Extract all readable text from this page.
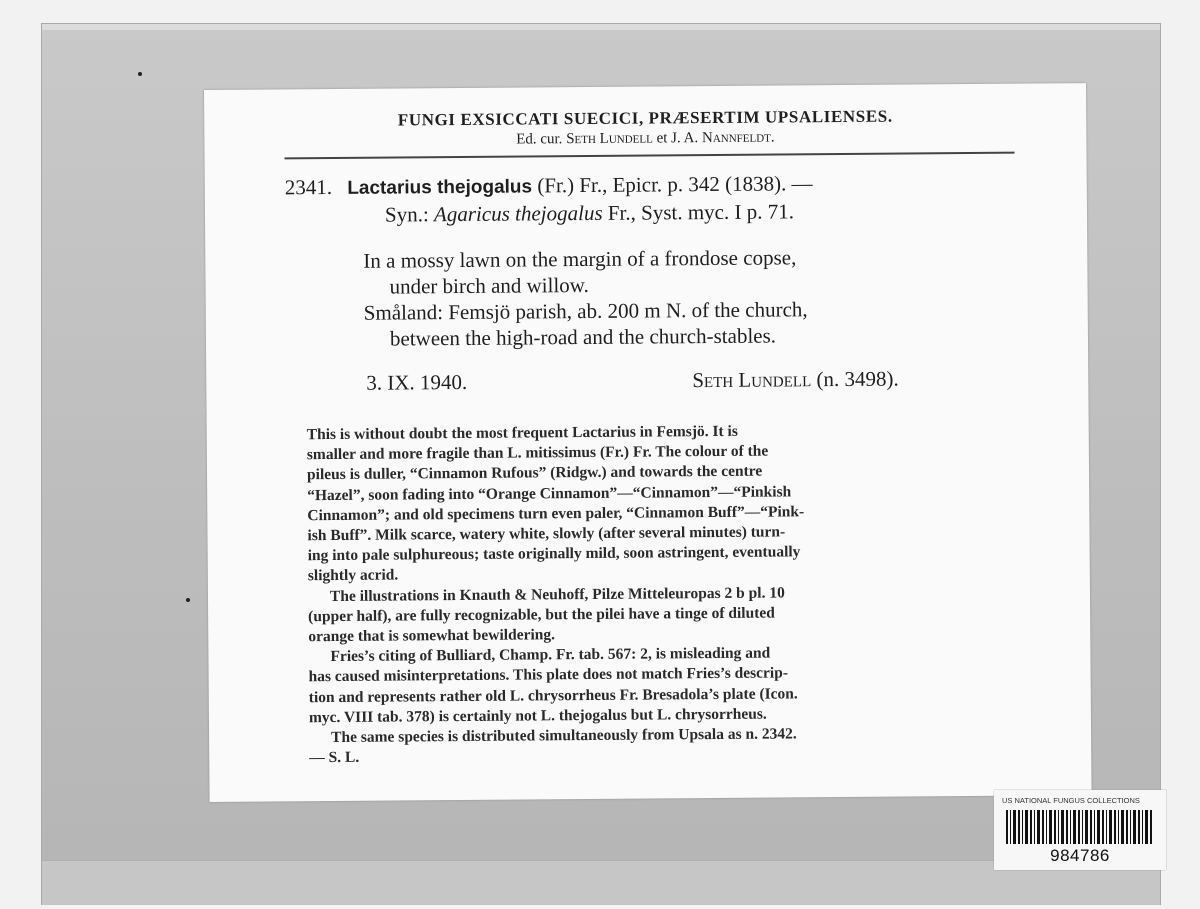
FUNGI EXSICCATI SUECICI, PRÆSERTIM UPSALIENSES.
Ed. cur. Seth Lundell et J. A. Nannfeldt.
2341. Lactarius thejogalus (Fr.) Fr., Epicr. p. 342 (1838). —
Syn.: Agaricus thejogalus Fr., Syst. myc. I p. 71.
In a mossy lawn on the margin of a frondose copse,
under birch and willow.
Småland: Femsjö parish, ab. 200 m N. of the church,
between the high-road and the church-stables.
3. IX. 1940.	Seth Lundell (n. 3498).
This is without doubt the most frequent Lactarius in Femsjö. It is
smaller and more fragile than L. mitissimus (Fr.) Fr. The colour of the
pileus is duller, “Cinnamon Rufous” (Ridgw.) and towards the centre
“Hazel”, soon fading into “Orange Cinnamon”—“Cinnamon”—“Pinkish
Cinnamon”; and old specimens turn even paler, “Cinnamon Buff”—“Pink-
ish Buff”. Milk scarce, watery white, slowly (after several minutes) turn-
ing into pale sulphureous; taste originally mild, soon astringent, eventually
slightly acrid.
The illustrations in Knauth & Neuhoff, Pilze Mitteleuropas 2 b pl. 10
(upper half), are fully recognizable, but the pilei have a tinge of diluted
orange that is somewhat bewildering.
Fries’s citing of Bulliard, Champ. Fr. tab. 567: 2, is misleading and
has caused misinterpretations. This plate does not match Fries’s descrip-
tion and represents rather old L. chrysorrheus Fr. Bresadola’s plate (Icon.
myc. VIII tab. 378) is certainly not L. thejogalus but L. chrysorrheus.
The same species is distributed simultaneously from Upsala as n. 2342.
— S. L.
US NATIONAL FUNGUS COLLECTIONS
984786
